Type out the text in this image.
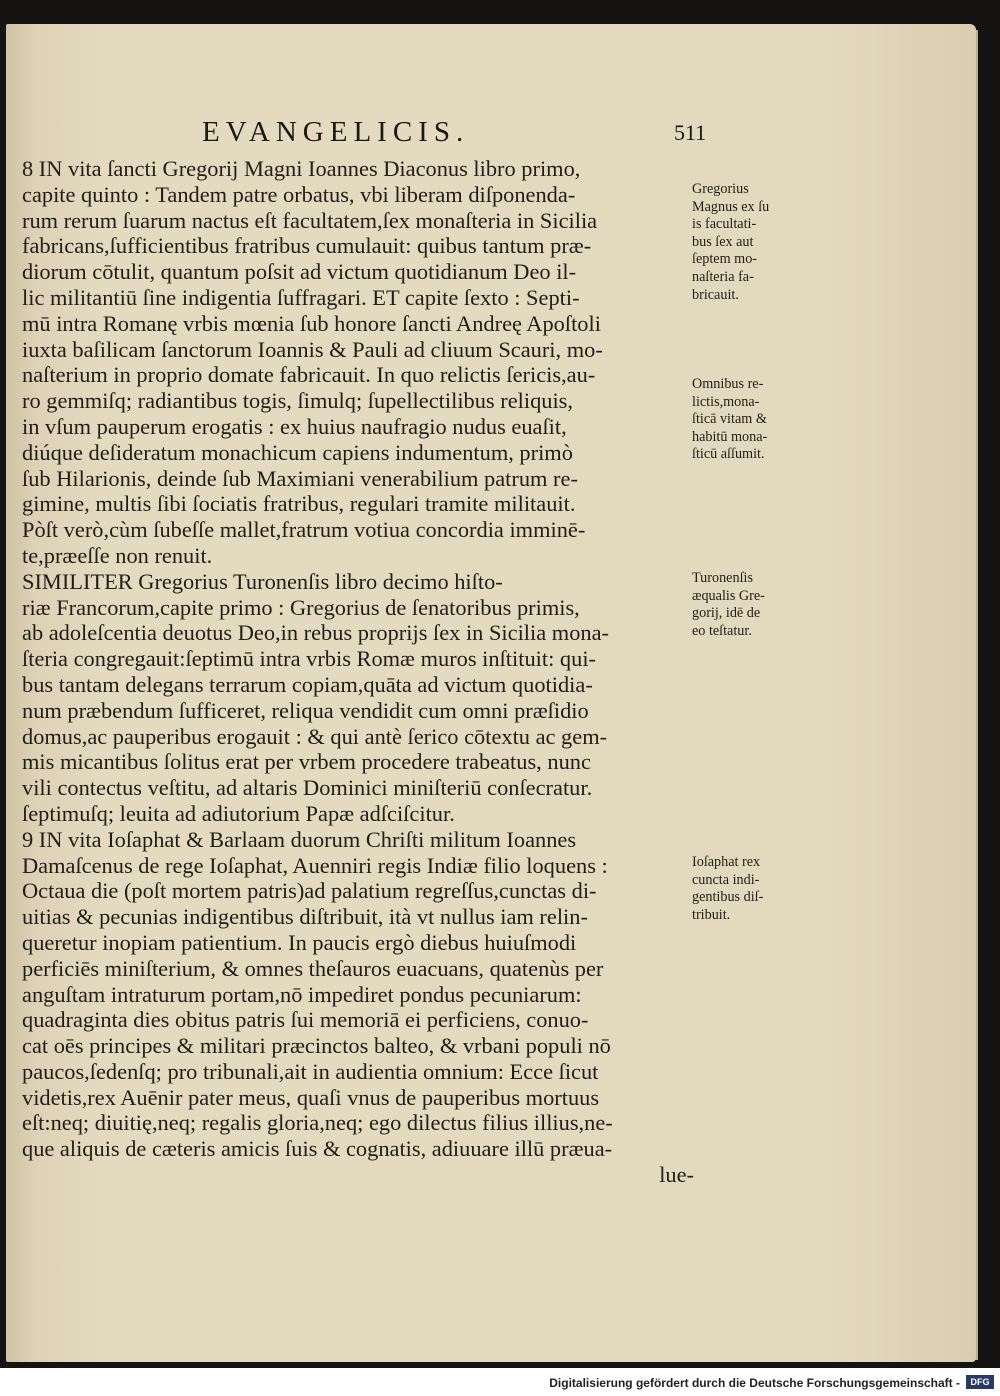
EVANGELICIS.	511
8 IN vita ſancti Gregorij Magni Ioannes Diaconus libro primo,
capite quinto : Tandem patre orbatus, vbi liberam diſponenda-
rum rerum ſuarum nactus eſt facultatem,ſex monaſteria in Sicilia
fabricans,ſufficientibus fratribus cumulauit: quibus tantum præ-
diorum cōtulit, quantum poſsit ad victum quotidianum Deo il-
lic militantiū ſine indigentia ſuffragari. ET capite ſexto : Septi-
mū intra Romanę vrbis mœnia ſub honore ſancti Andreę Apoſtoli
iuxta baſilicam ſanctorum Ioannis & Pauli ad cliuum Scauri, mo-
naſterium in proprio domate fabricauit. In quo relictis ſericis,au-
ro gemmiſq; radiantibus togis, ſimulq; ſupellectilibus reliquis,
in vſum pauperum erogatis : ex huius naufragio nudus euaſit,
diúque deſideratum monachicum capiens indumentum, primò
ſub Hilarionis, deinde ſub Maximiani venerabilium patrum re-
gimine, multis ſibi ſociatis fratribus, regulari tramite militauit.
Pòſt verò,cùm ſubeſſe mallet,fratrum votiua concordia imminē-
te,præeſſe non renuit.
SIMILITER Gregorius Turonenſis libro decimo hiſto-
riæ Francorum,capite primo : Gregorius de ſenatoribus primis,
ab adoleſcentia deuotus Deo,in rebus proprijs ſex in Sicilia mona-
ſteria congregauit:ſeptimū intra vrbis Romæ muros inſtituit: qui-
bus tantam delegans terrarum copiam,quāta ad victum quotidia-
num præbendum ſufficeret, reliqua vendidit cum omni præſidio
domus,ac pauperibus erogauit : & qui antè ſerico cōtextu ac gem-
mis micantibus ſolitus erat per vrbem procedere trabeatus, nunc
vili contectus veſtitu, ad altaris Dominici miniſteriū conſecratur.
ſeptimuſq; leuita ad adiutorium Papæ adſciſcitur.
9 IN vita Ioſaphat & Barlaam duorum Chriſti militum Ioannes
Damaſcenus de rege Ioſaphat, Auenniri regis Indiæ filio loquens :
Octaua die (poſt mortem patris)ad palatium regreſſus,cunctas di-
uitias & pecunias indigentibus diſtribuit, ità vt nullus iam relin-
queretur inopiam patientium. In paucis ergò diebus huiuſmodi
perficiēs miniſterium, & omnes theſauros euacuans, quatenùs per
anguſtam intraturum portam,nō impediret pondus pecuniarum:
quadraginta dies obitus patris ſui memoriā ei perficiens, conuo-
cat oēs principes & militari præcinctos balteo, & vrbani populi nō
paucos,ſedenſq; pro tribunali,ait in audientia omnium: Ecce ſicut
videtis,rex Auēnir pater meus, quaſi vnus de pauperibus mortuus
eſt:neq; diuitię,neq; regalis gloria,neq; ego dilectus filius illius,ne-
que aliquis de cæteris amicis ſuis & cognatis, adiuuare illū præua-
lue-
Gregorius
Magnus ex ſu
is facultati-
bus ſex aut
ſeptem mo-
naſteria fa-
bricauit.
Omnibus re-
lictis,mona-
ſticā vitam &
habitū mona-
ſticū aſſumit.
Turonenſis
æqualis Gre-
gorij, idē de
eo teſtatur.
Ioſaphat rex
cuncta indi-
gentibus diſ-
tribuit.
Digitalisierung gefördert durch die Deutsche Forschungsgemeinschaft -	DFG
